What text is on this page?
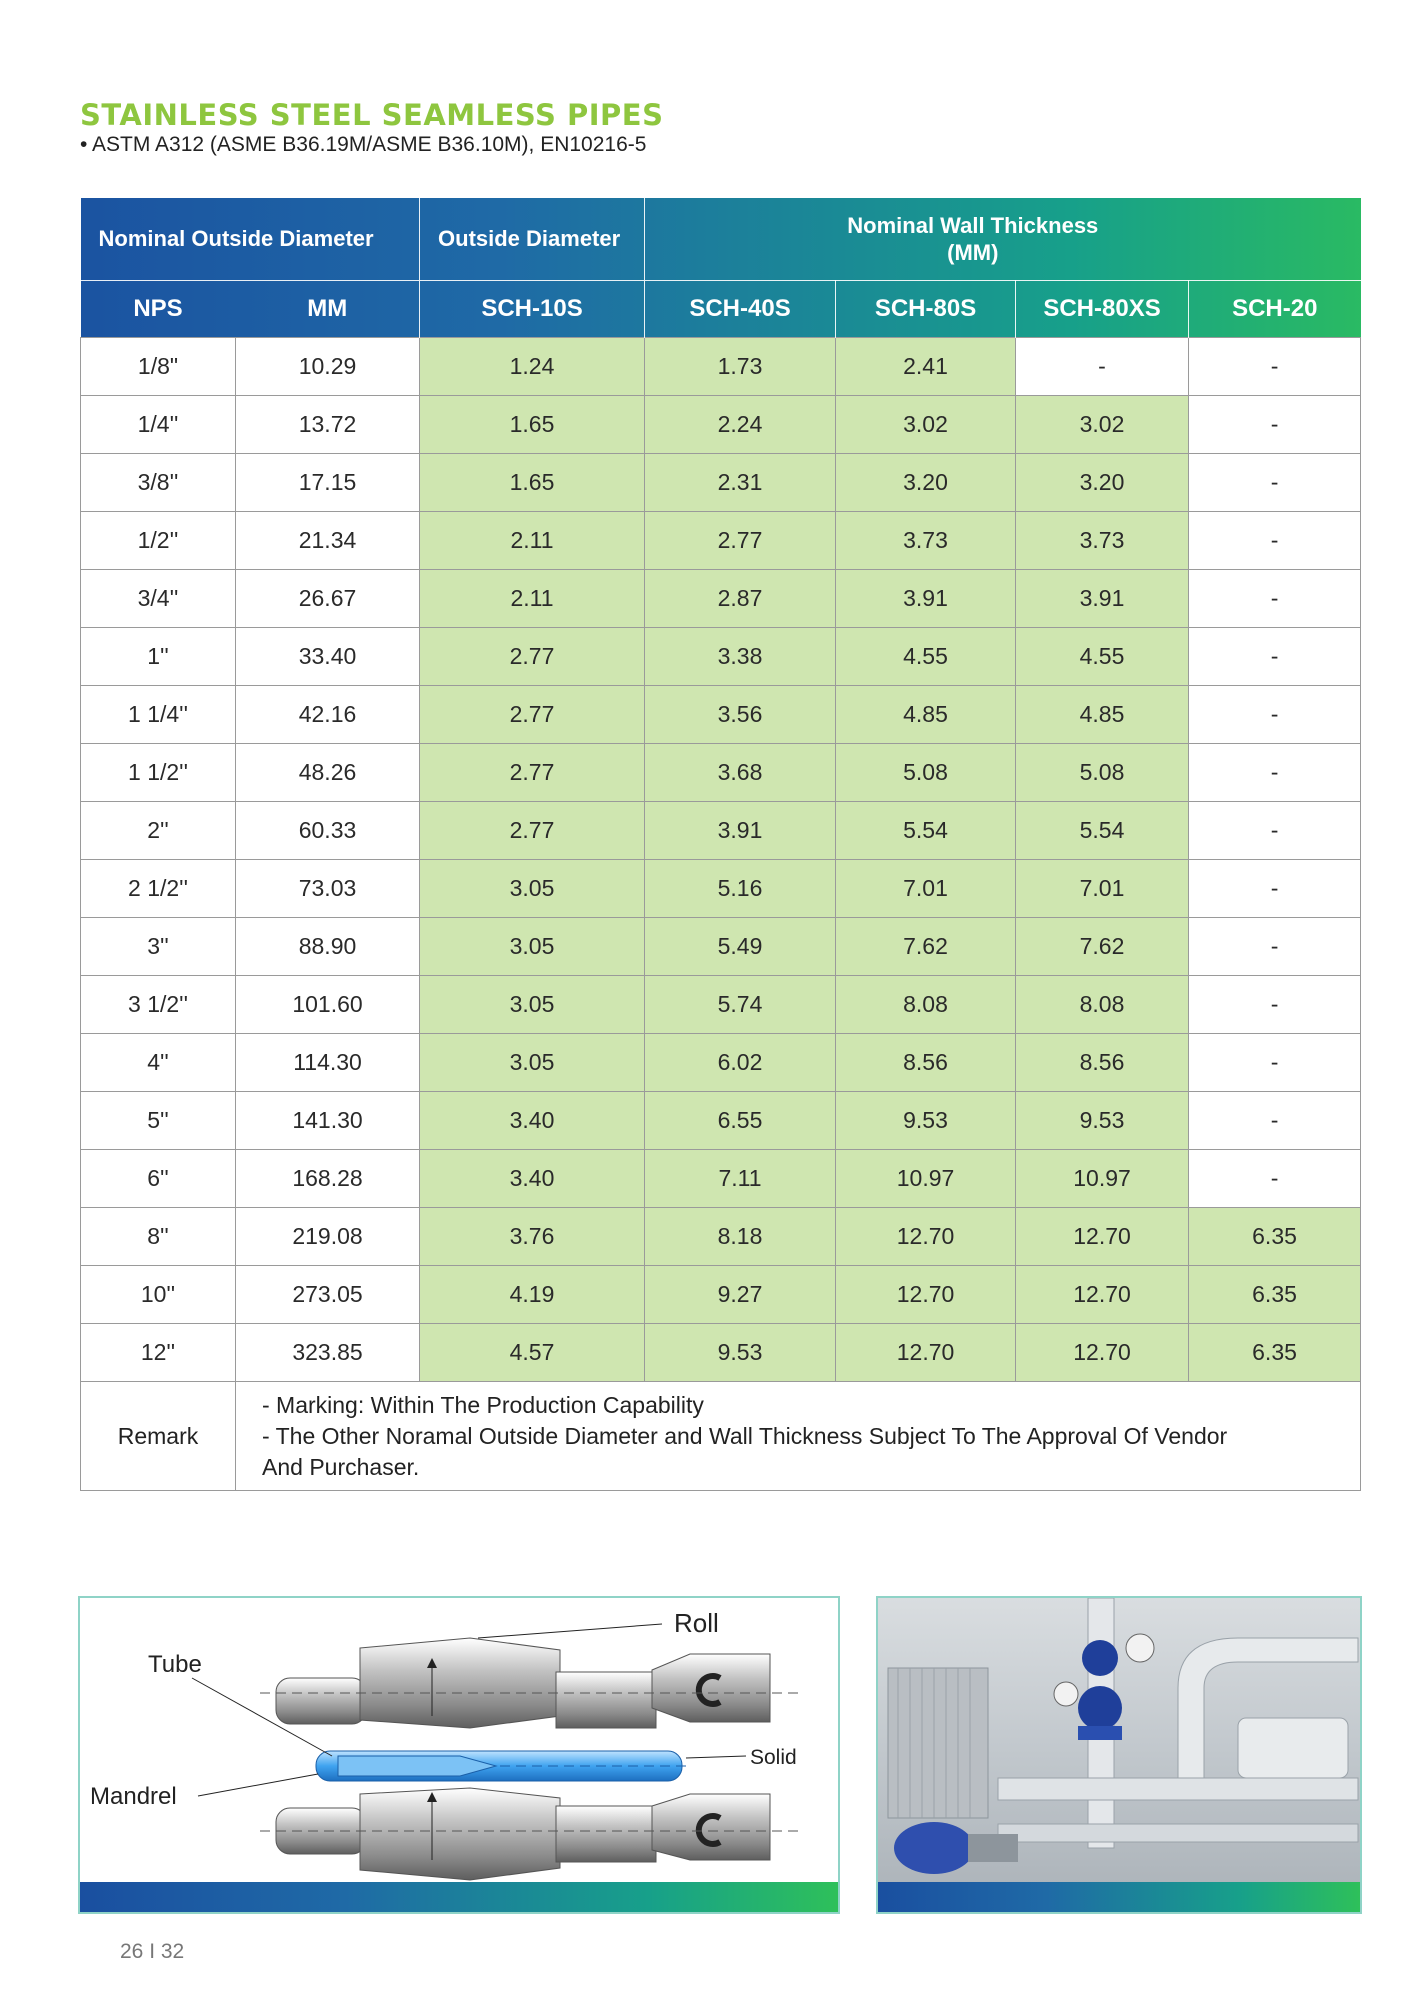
STAINLESS STEEL SEAMLESS PIPES
• ASTM A312 (ASME B36.19M/ASME B36.10M), EN10216-5
Nominal Outside Diameter		Outside Diameter	Nominal Wall Thickness
(MM)			

NPS	MM	SCH-10S	SCH-40S	SCH-80S	SCH-80XS	SCH-20
1/8"	10.29	1.24	1.73	2.41	-	-
1/4''	13.72	1.65	2.24	3.02	3.02	-
3/8''	17.15	1.65	2.31	3.20	3.20	-
1/2''	21.34	2.11	2.77	3.73	3.73	-
3/4''	26.67	2.11	2.87	3.91	3.91	-
1''	33.40	2.77	3.38	4.55	4.55	-
1 1/4''	42.16	2.77	3.56	4.85	4.85	-
1 1/2''	48.26	2.77	3.68	5.08	5.08	-
2''	60.33	2.77	3.91	5.54	5.54	-
2 1/2''	73.03	3.05	5.16	7.01	7.01	-
3''	88.90	3.05	5.49	7.62	7.62	-
3 1/2''	101.60	3.05	5.74	8.08	8.08	-
4''	114.30	3.05	6.02	8.56	8.56	-
5''	141.30	3.40	6.55	9.53	9.53	-
6''	168.28	3.40	7.11	10.97	10.97	-
8''	219.08	3.76	8.18	12.70	12.70	6.35
10''	273.05	4.19	9.27	12.70	12.70	6.35
12''	323.85	4.57	9.53	12.70	12.70	6.35
Remark	- Marking: Within The Production Capability
- The Other Noramal Outside Diameter and Wall Thickness Subject To The Approval Of Vendor
And Purchaser.					
Tube
Mandrel
Roll
Solid
26 I 32
